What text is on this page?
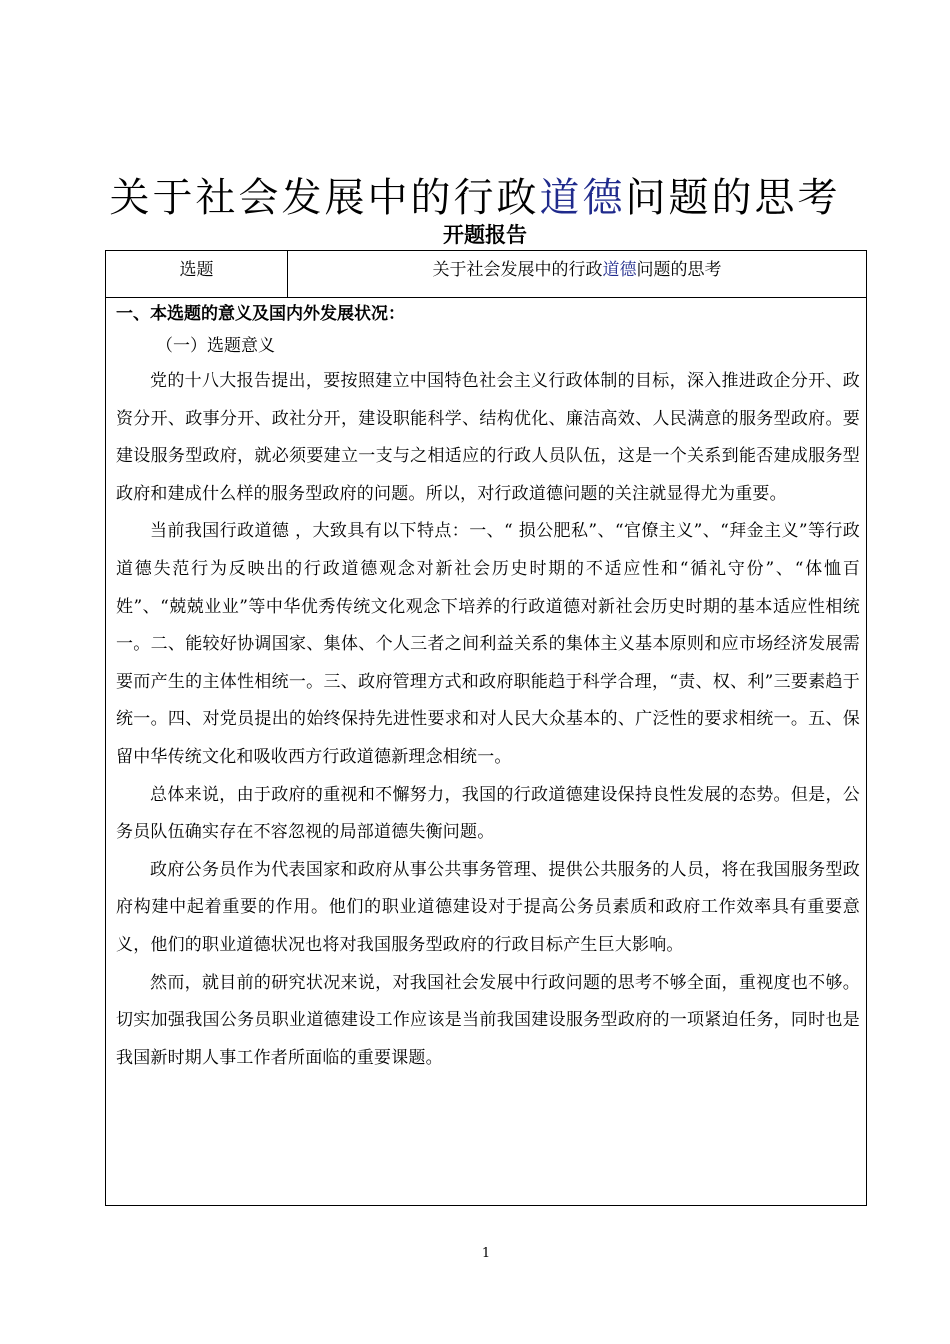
关于社会发展中的行政道德问题的思考
开题报告
选题	关于社会发展中的行政道德问题的思考

一、本选题的意义及国内外发展状况：

（一）选题意义

党的十八大报告提出，要按照建立中国特色社会主义行政体制的目标，深入推进政企分开、政资分开、政事分开、政社分开，建设职能科学、结构优化、廉洁高效、人民满意的服务型政府。要建设服务型政府，就必须要建立一支与之相适应的行政人员队伍，这是一个关系到能否建成服务型政府和建成什么样的服务型政府的问题。所以，对行政道德问题的关注就显得尤为重要。

当前我国行政道德 ，大致具有以下特点：一、“ 损公肥私”、“官僚主义”、“拜金主义”等行政道德失范行为反映出的行政道德观念对新社会历史时期的不适应性和“循礼守份”、“体恤百姓”、“兢兢业业”等中华优秀传统文化观念下培养的行政道德对新社会历史时期的基本适应性相统一。二、能较好协调国家、集体、个人三者之间利益关系的集体主义基本原则和应市场经济发展需要而产生的主体性相统一。三、政府管理方式和政府职能趋于科学合理，“责、权、利”三要素趋于统一。四、对党员提出的始终保持先进性要求和对人民大众基本的、广泛性的要求相统一。五、保留中华传统文化和吸收西方行政道德新理念相统一。

总体来说，由于政府的重视和不懈努力，我国的行政道德建设保持良性发展的态势。但是，公务员队伍确实存在不容忽视的局部道德失衡问题。

政府公务员作为代表国家和政府从事公共事务管理、提供公共服务的人员，将在我国服务型政府构建中起着重要的作用。他们的职业道德建设对于提高公务员素质和政府工作效率具有重要意义，他们的职业道德状况也将对我国服务型政府的行政目标产生巨大影响。

然而，就目前的研究状况来说，对我国社会发展中行政问题的思考不够全面，重视度也不够。切实加强我国公务员职业道德建设工作应该是当前我国建设服务型政府的一项紧迫任务，同时也是我国新时期人事工作者所面临的重要课题。

1
